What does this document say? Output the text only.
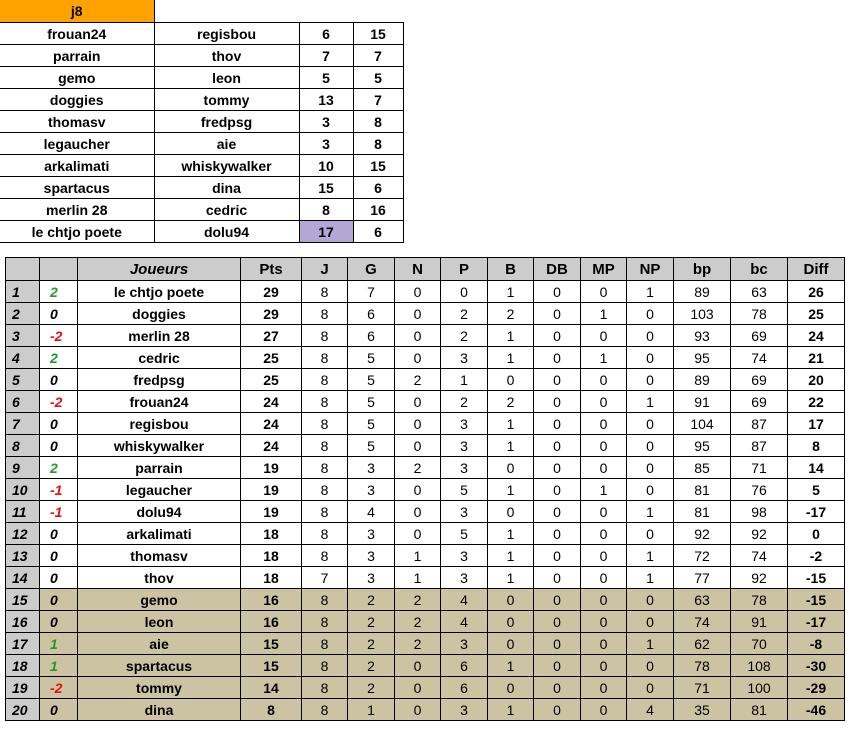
j8			
frouan24	regisbou	6	15
parrain	thov	7	7
gemo	leon	5	5
doggies	tommy	13	7
thomasv	fredpsg	3	8
legaucher	aie	3	8
arkalimati	whiskywalker	10	15
spartacus	dina	15	6
merlin 28	cedric	8	16
le chtjo poete	dolu94	17	6
		Joueurs	Pts	J	G	N	P	B	DB	MP	NP	bp	bc	Diff
1	2	le chtjo poete	29	8	7	0	0	1	0	0	1	89	63	26
2	0	doggies	29	8	6	0	2	2	0	1	0	103	78	25
3	-2	merlin 28	27	8	6	0	2	1	0	0	0	93	69	24
4	2	cedric	25	8	5	0	3	1	0	1	0	95	74	21
5	0	fredpsg	25	8	5	2	1	0	0	0	0	89	69	20
6	-2	frouan24	24	8	5	0	2	2	0	0	1	91	69	22
7	0	regisbou	24	8	5	0	3	1	0	0	0	104	87	17
8	0	whiskywalker	24	8	5	0	3	1	0	0	0	95	87	8
9	2	parrain	19	8	3	2	3	0	0	0	0	85	71	14
10	-1	legaucher	19	8	3	0	5	1	0	1	0	81	76	5
11	-1	dolu94	19	8	4	0	3	0	0	0	1	81	98	-17
12	0	arkalimati	18	8	3	0	5	1	0	0	0	92	92	0
13	0	thomasv	18	8	3	1	3	1	0	0	1	72	74	-2
14	0	thov	18	7	3	1	3	1	0	0	1	77	92	-15
15	0	gemo	16	8	2	2	4	0	0	0	0	63	78	-15
16	0	leon	16	8	2	2	4	0	0	0	0	74	91	-17
17	1	aie	15	8	2	2	3	0	0	0	1	62	70	-8
18	1	spartacus	15	8	2	0	6	1	0	0	0	78	108	-30
19	-2	tommy	14	8	2	0	6	0	0	0	0	71	100	-29
20	0	dina	8	8	1	0	3	1	0	0	4	35	81	-46
